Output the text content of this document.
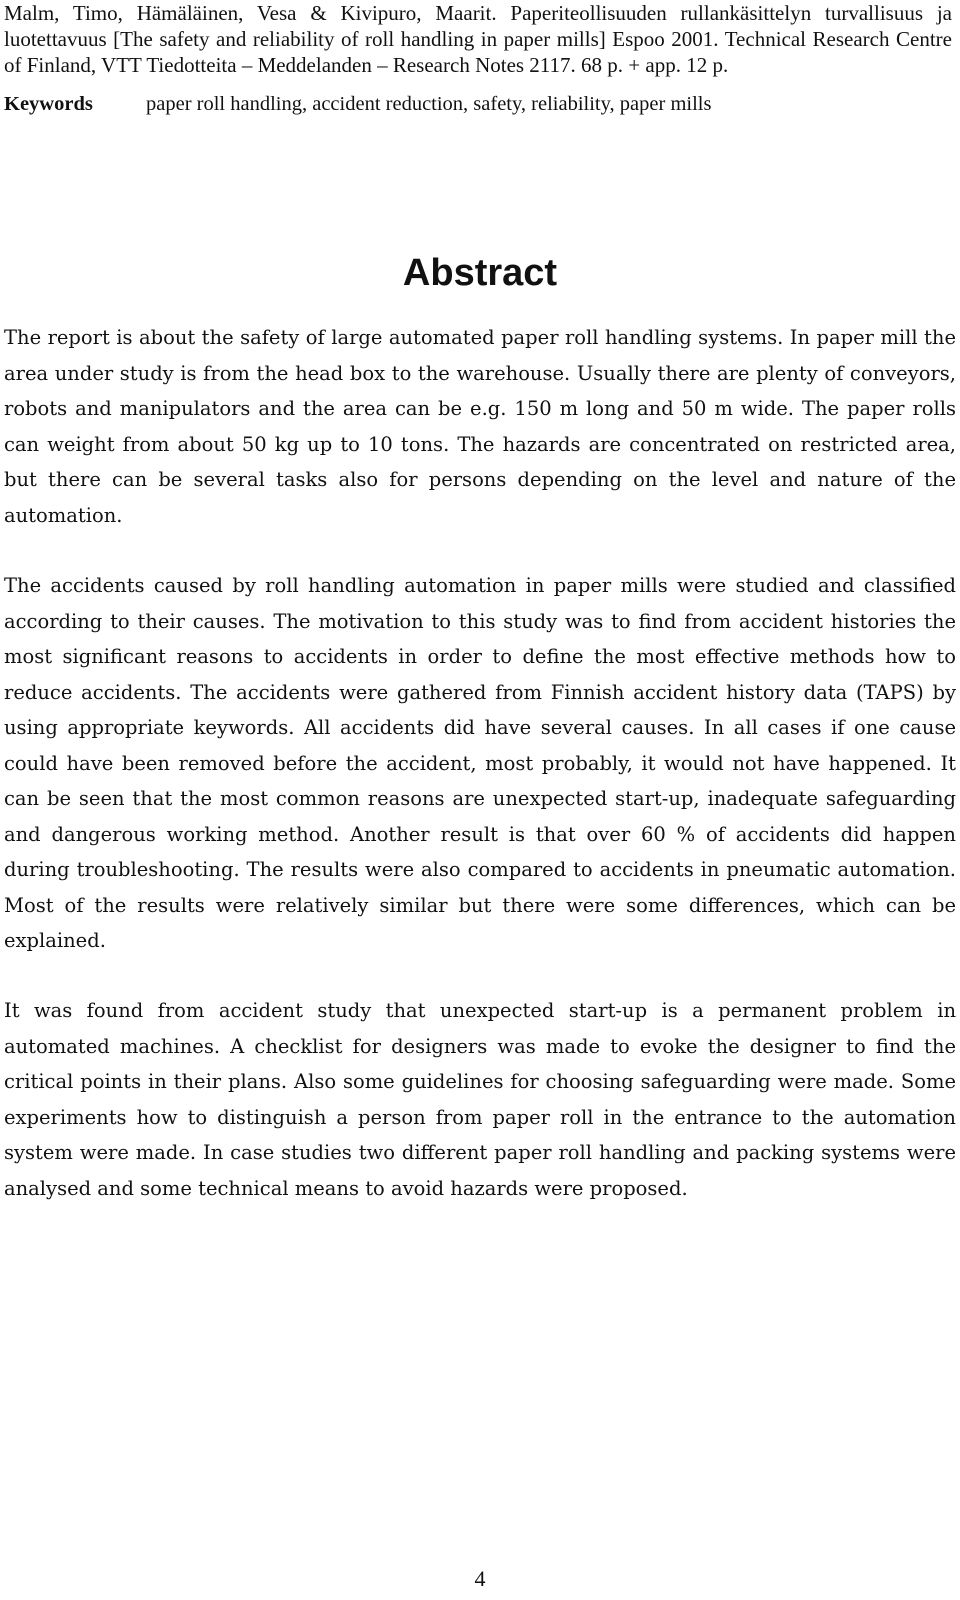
Malm, Timo, Hämäläinen, Vesa & Kivipuro, Maarit. Paperiteollisuuden rullankäsittelyn turvallisuus ja luotettavuus [The safety and reliability of roll handling in paper mills] Espoo 2001. Technical Research Centre of Finland, VTT Tiedotteita – Meddelanden – Research Notes 2117. 68 p. + app. 12 p.
Keywords	paper roll handling, accident reduction, safety, reliability, paper mills
Abstract

The report is about the safety of large automated paper roll handling systems. In paper mill the area under study is from the head box to the warehouse. Usually there are plenty of conveyors, robots and manipulators and the area can be e.g. 150 m long and 50 m wide. The paper rolls can weight from about 50 kg up to 10 tons. The hazards are concentrated on restricted area, but there can be several tasks also for persons depending on the level and nature of the automation.

The accidents caused by roll handling automation in paper mills were studied and classified according to their causes. The motivation to this study was to find from accident histories the most significant reasons to accidents in order to define the most effective methods how to reduce accidents. The accidents were gathered from Finnish accident history data (TAPS) by using appropriate keywords. All accidents did have several causes. In all cases if one cause could have been removed before the accident, most probably, it would not have happened. It can be seen that the most common reasons are unexpected start-up, inadequate safeguarding and dangerous working method. Another result is that over 60 % of accidents did happen during troubleshooting. The results were also compared to accidents in pneumatic automation. Most of the results were relatively similar but there were some differences, which can be explained.

It was found from accident study that unexpected start-up is a permanent problem in automated machines. A checklist for designers was made to evoke the designer to find the critical points in their plans. Also some guidelines for choosing safeguarding were made. Some experiments how to distinguish a person from paper roll in the entrance to the automation system were made. In case studies two different paper roll handling and packing systems were analysed and some technical means to avoid hazards were proposed.

4
